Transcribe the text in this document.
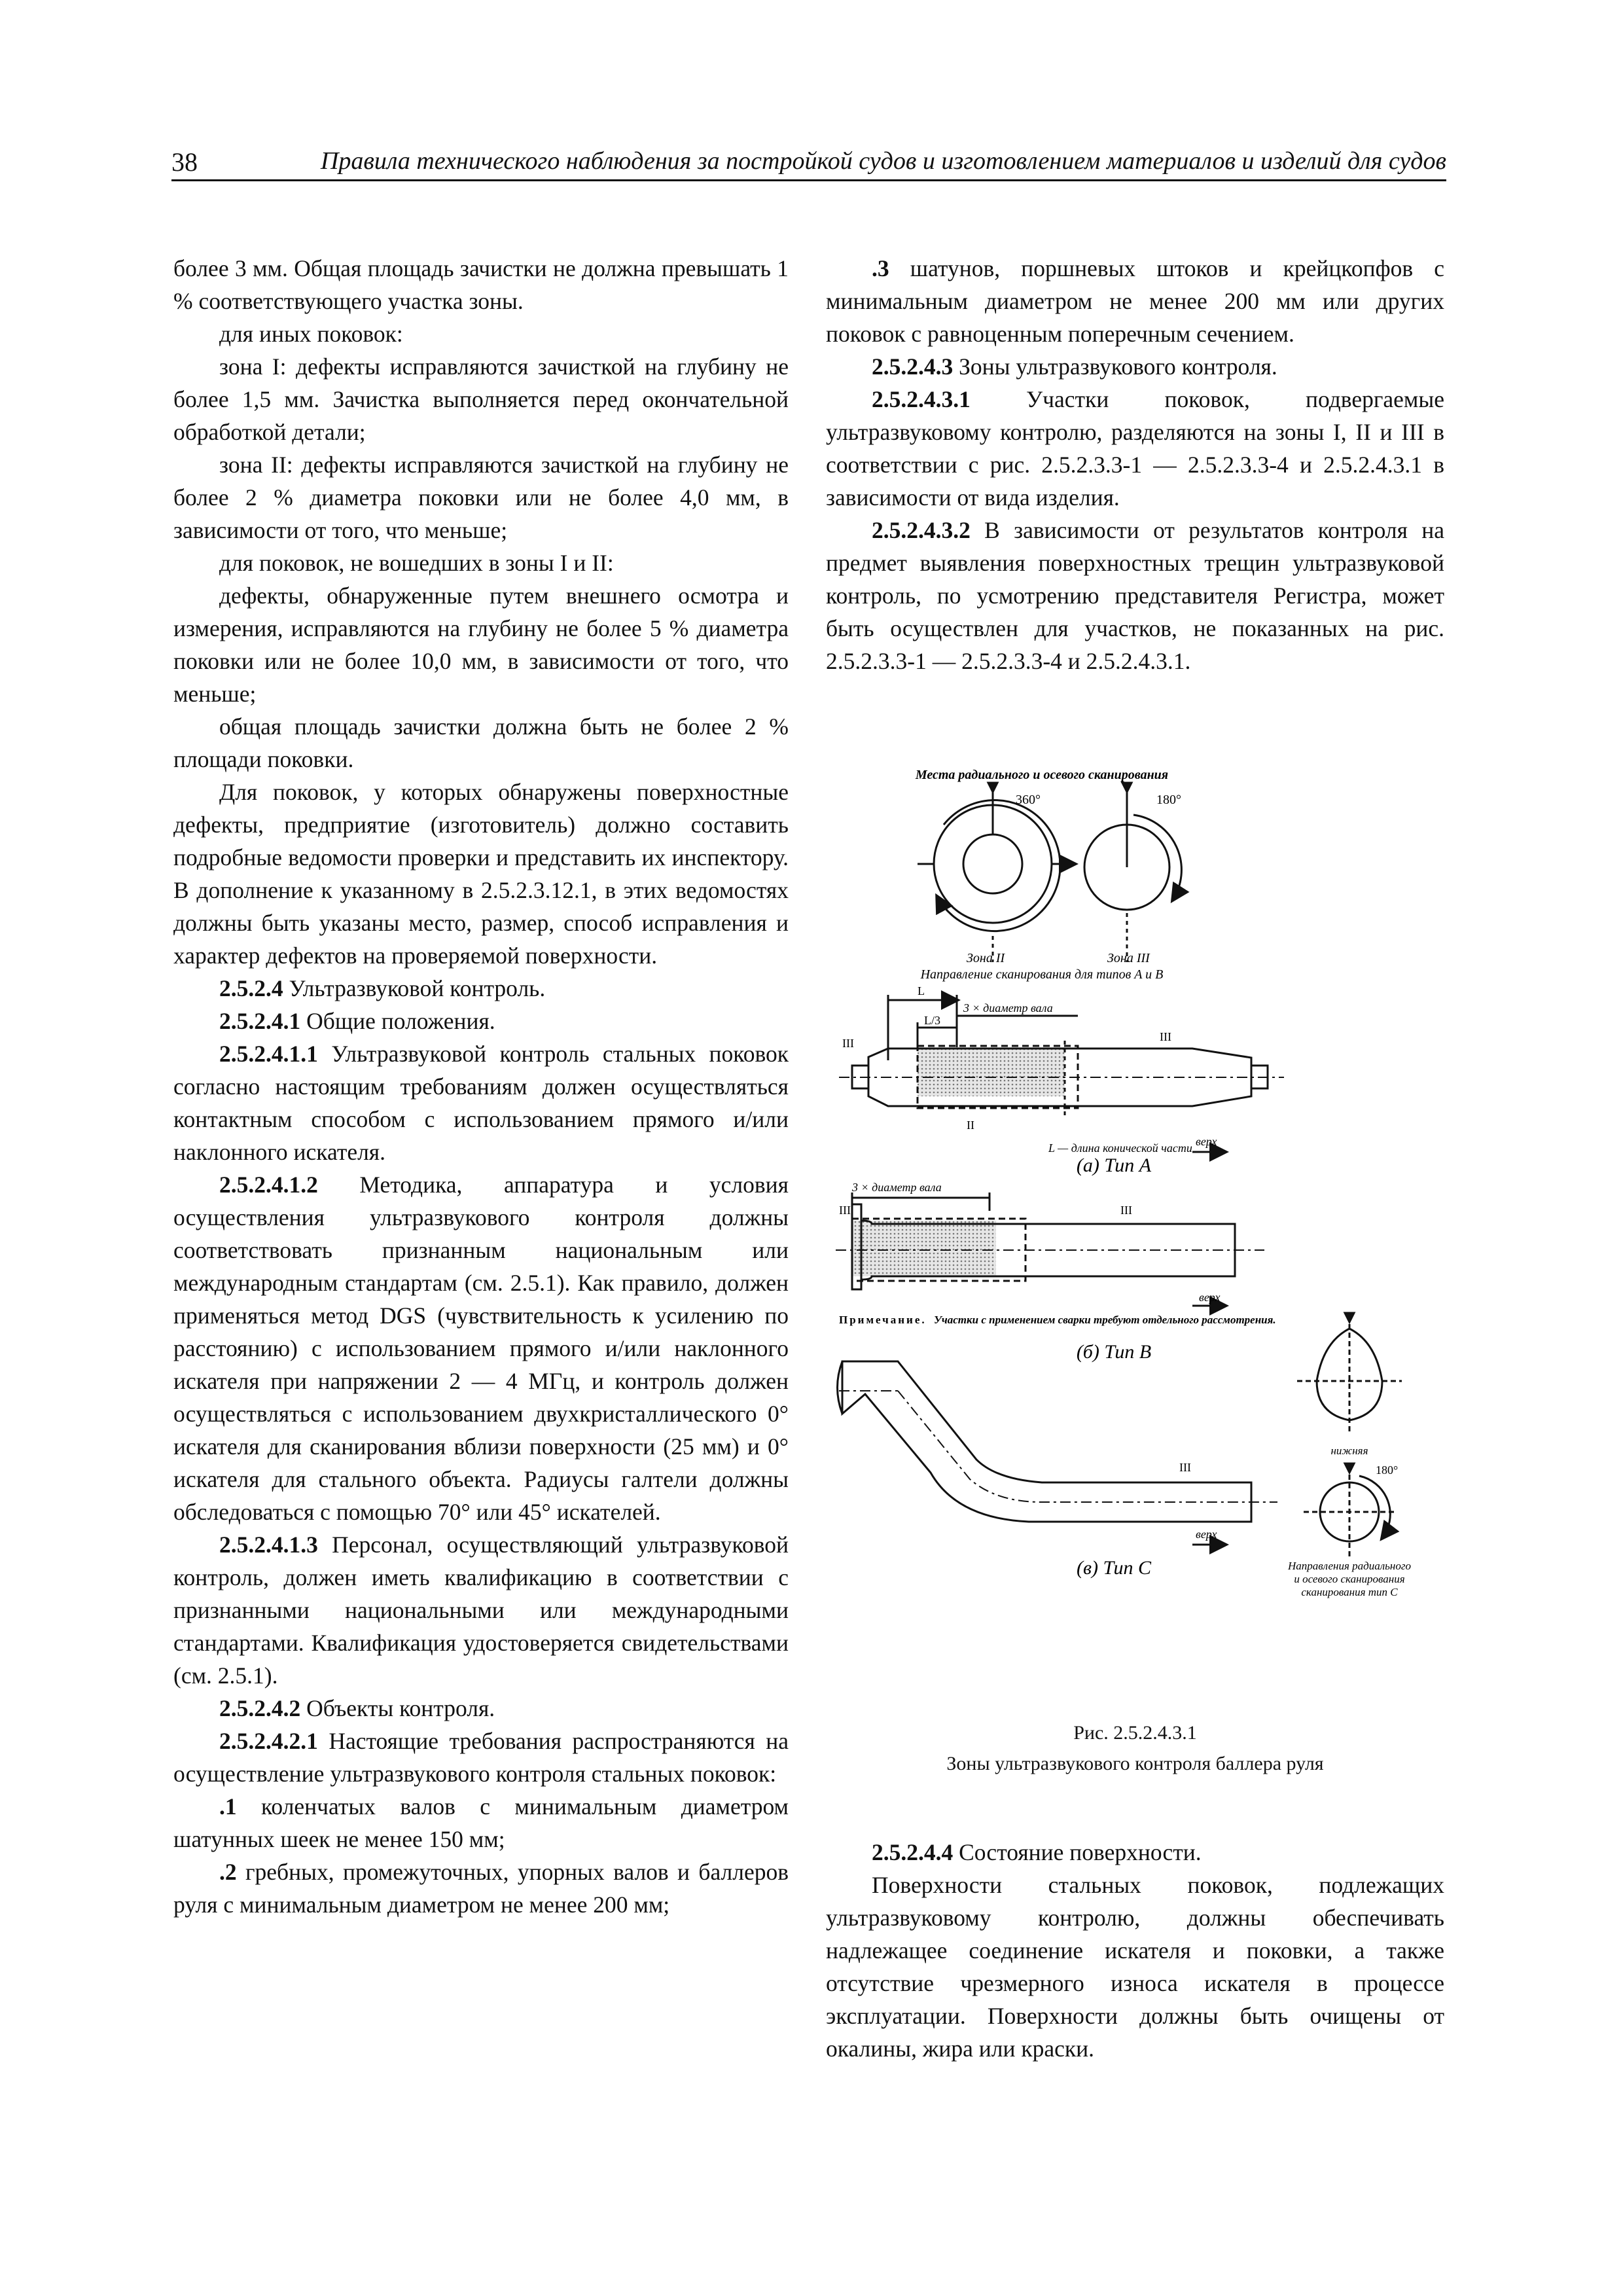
38	Правила технического наблюдения за постройкой судов и изготовлением материалов и изделий для судов

более 3 мм. Общая площадь зачистки не должна превышать 1 % соответствующего участка зоны.

для иных поковок:

зона I: дефекты исправляются зачисткой на глубину не более 1,5 мм. Зачистка выполняется перед окончательной обработкой детали;

зона II: дефекты исправляются зачисткой на глубину не более 2 % диаметра поковки или не более 4,0 мм, в зависимости от того, что меньше;

для поковок, не вошедших в зоны I и II:

дефекты, обнаруженные путем внешнего осмотра и измерения, исправляются на глубину не более 5 % диаметра поковки или не более 10,0 мм, в зависимости от того, что меньше;

общая площадь зачистки должна быть не более 2 % площади поковки.

Для поковок, у которых обнаружены поверхностные дефекты, предприятие (изготовитель) должно составить подробные ведомости проверки и представить их инспектору. В дополнение к указанному в 2.5.2.3.12.1, в этих ведомостях должны быть указаны место, размер, способ исправления и характер дефектов на проверяемой поверхности.

2.5.2.4 Ультразвуковой контроль.

2.5.2.4.1 Общие положения.

2.5.2.4.1.1 Ультразвуковой контроль стальных поковок согласно настоящим требованиям должен осуществляться контактным способом с использованием прямого и/или наклонного искателя.

2.5.2.4.1.2 Методика, аппаратура и условия осуществления ультразвукового контроля должны соответствовать признанным национальным или международным стандартам (см. 2.5.1). Как правило, должен применяться метод DGS (чувствительность к усилению по расстоянию) с использованием прямого и/или наклонного искателя при напряжении 2 — 4 МГц, и контроль должен осуществляться с использованием двухкристаллического 0° искателя для сканирования вблизи поверхности (25 мм) и 0° искателя для стального объекта. Радиусы галтели должны обследоваться с помощью 70° или 45° искателей.

2.5.2.4.1.3 Персонал, осуществляющий ультразвуковой контроль, должен иметь квалификацию в соответствии с признанными национальными или международными стандартами. Квалификация удостоверяется свидетельствами (см. 2.5.1).

2.5.2.4.2 Объекты контроля.

2.5.2.4.2.1 Настоящие требования распространяются на осуществление ультразвукового контроля стальных поковок:

.1 коленчатых валов с минимальным диаметром шатунных шеек не менее 150 мм;

.2 гребных, промежуточных, упорных валов и баллеров руля с минимальным диаметром не менее 200 мм;

.3 шатунов, поршневых штоков и крейцкопфов с минимальным диаметром не менее 200 мм или других поковок с равноценным поперечным сечением.

2.5.2.4.3 Зоны ультразвукового контроля.

2.5.2.4.3.1 Участки поковок, подвергаемые ультразвуковому контролю, разделяются на зоны I, II и III в соответствии с рис. 2.5.2.3.3-1 — 2.5.2.3.3-4 и 2.5.2.4.3.1 в зависимости от вида изделия.

2.5.2.4.3.2 В зависимости от результатов контроля на предмет выявления поверхностных трещин ультразвуковой контроль, по усмотрению представителя Регистра, может быть осуществлен для участков, не показанных на рис. 2.5.2.3.3-1 — 2.5.2.3.3-4 и 2.5.2.4.3.1.

Места радиального и осевого сканирования
360°	180°
Зона II	Зона III
Направление сканирования для типов A и B
L
L/3
3 × диаметр вала
III	III
II
L — длина конической части верх
(а) Тип A
3 × диаметр вала
III	III
верх
Примечание. Участки с применением сварки требуют отдельного рассмотрения.
(б) Тип B
III
верх
(в) Тип C
нижняя
180°
Направления радиального
и осевого сканирования
сканирования тип C
Рис. 2.5.2.4.3.1
Зоны ультразвукового контроля баллера руля

2.5.2.4.4 Состояние поверхности.

Поверхности стальных поковок, подлежащих ультразвуковому контролю, должны обеспечивать надлежащее соединение искателя и поковки, а также отсутствие чрезмерного износа искателя в процессе эксплуатации. Поверхности должны быть очищены от окалины, жира или краски.
